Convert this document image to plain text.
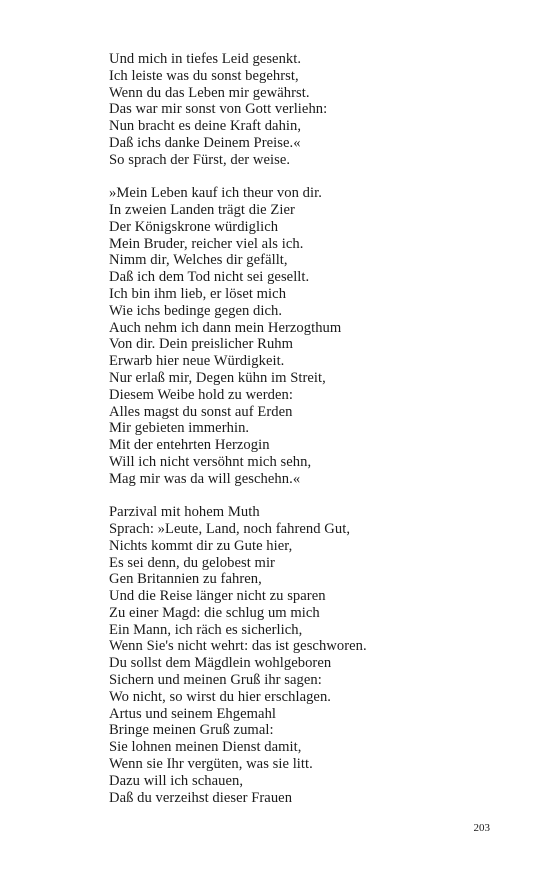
Und mich in tiefes Leid gesenkt.
Ich leiste was du sonst begehrst,
Wenn du das Leben mir gewährst.
Das war mir sonst von Gott verliehn:
Nun bracht es deine Kraft dahin,
Daß ichs danke Deinem Preise.«
So sprach der Fürst, der weise.
»Mein Leben kauf ich theur von dir.
In zweien Landen trägt die Zier
Der Königskrone würdiglich
Mein Bruder, reicher viel als ich.
Nimm dir, Welches dir gefällt,
Daß ich dem Tod nicht sei gesellt.
Ich bin ihm lieb, er löset mich
Wie ichs bedinge gegen dich.
Auch nehm ich dann mein Herzogthum
Von dir. Dein preislicher Ruhm
Erwarb hier neue Würdigkeit.
Nur erlaß mir, Degen kühn im Streit,
Diesem Weibe hold zu werden:
Alles magst du sonst auf Erden
Mir gebieten immerhin.
Mit der entehrten Herzogin
Will ich nicht versöhnt mich sehn,
Mag mir was da will geschehn.«
Parzival mit hohem Muth
Sprach: »Leute, Land, noch fahrend Gut,
Nichts kommt dir zu Gute hier,
Es sei denn, du gelobest mir
Gen Britannien zu fahren,
Und die Reise länger nicht zu sparen
Zu einer Magd: die schlug um mich
Ein Mann, ich räch es sicherlich,
Wenn Sie's nicht wehrt: das ist geschworen.
Du sollst dem Mägdlein wohlgeboren
Sichern und meinen Gruß ihr sagen:
Wo nicht, so wirst du hier erschlagen.
Artus und seinem Ehgemahl
Bringe meinen Gruß zumal:
Sie lohnen meinen Dienst damit,
Wenn sie Ihr vergüten, was sie litt.
Dazu will ich schauen,
Daß du verzeihst dieser Frauen
203
